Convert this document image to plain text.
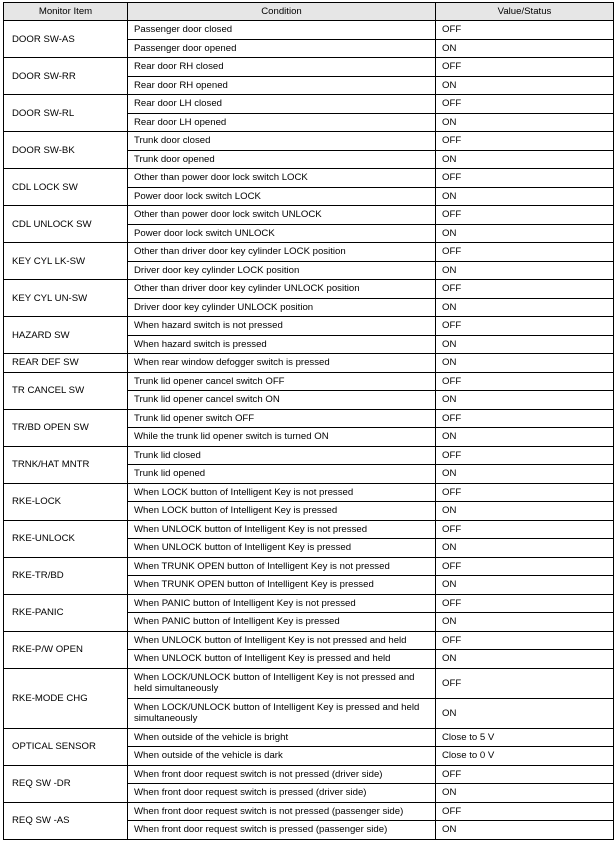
Monitor Item	Condition	Value/Status
DOOR SW-AS	Passenger door closed	OFF
	Passenger door opened	ON
DOOR SW-RR	Rear door RH closed	OFF
	Rear door RH opened	ON
DOOR SW-RL	Rear door LH closed	OFF
	Rear door LH opened	ON
DOOR SW-BK	Trunk door closed	OFF
	Trunk door opened	ON
CDL LOCK SW	Other than power door lock switch LOCK	OFF
	Power door lock switch LOCK	ON
CDL UNLOCK SW	Other than power door lock switch UNLOCK	OFF
	Power door lock switch UNLOCK	ON
KEY CYL LK-SW	Other than driver door key cylinder LOCK position	OFF
	Driver door key cylinder LOCK position	ON
KEY CYL UN-SW	Other than driver door key cylinder UNLOCK position	OFF
	Driver door key cylinder UNLOCK position	ON
HAZARD SW	When hazard switch is not pressed	OFF
	When hazard switch is pressed	ON
REAR DEF SW	When rear window defogger switch is pressed	ON
TR CANCEL SW	Trunk lid opener cancel switch OFF	OFF
	Trunk lid opener cancel switch ON	ON
TR/BD OPEN SW	Trunk lid opener switch OFF	OFF
	While the trunk lid opener switch is turned ON	ON
TRNK/HAT MNTR	Trunk lid closed	OFF
	Trunk lid opened	ON
RKE-LOCK	When LOCK button of Intelligent Key is not pressed	OFF
	When LOCK button of Intelligent Key is pressed	ON
RKE-UNLOCK	When UNLOCK button of Intelligent Key is not pressed	OFF
	When UNLOCK button of Intelligent Key is pressed	ON
RKE-TR/BD	When TRUNK OPEN button of Intelligent Key is not pressed	OFF
	When TRUNK OPEN button of Intelligent Key is pressed	ON
RKE-PANIC	When PANIC button of Intelligent Key is not pressed	OFF
	When PANIC button of Intelligent Key is pressed	ON
RKE-P/W OPEN	When UNLOCK button of Intelligent Key is not pressed and held	OFF
	When UNLOCK button of Intelligent Key is pressed and held	ON
RKE-MODE CHG	When LOCK/UNLOCK button of Intelligent Key is not pressed and held simultaneously	OFF
	When LOCK/UNLOCK button of Intelligent Key is pressed and held simultaneously	ON
OPTICAL SENSOR	When outside of the vehicle is bright	Close to 5 V
	When outside of the vehicle is dark	Close to 0 V
REQ SW -DR	When front door request switch is not pressed (driver side)	OFF
	When front door request switch is pressed (driver side)	ON
REQ SW -AS	When front door request switch is not pressed (passenger side)	OFF
	When front door request switch is pressed (passenger side)	ON
